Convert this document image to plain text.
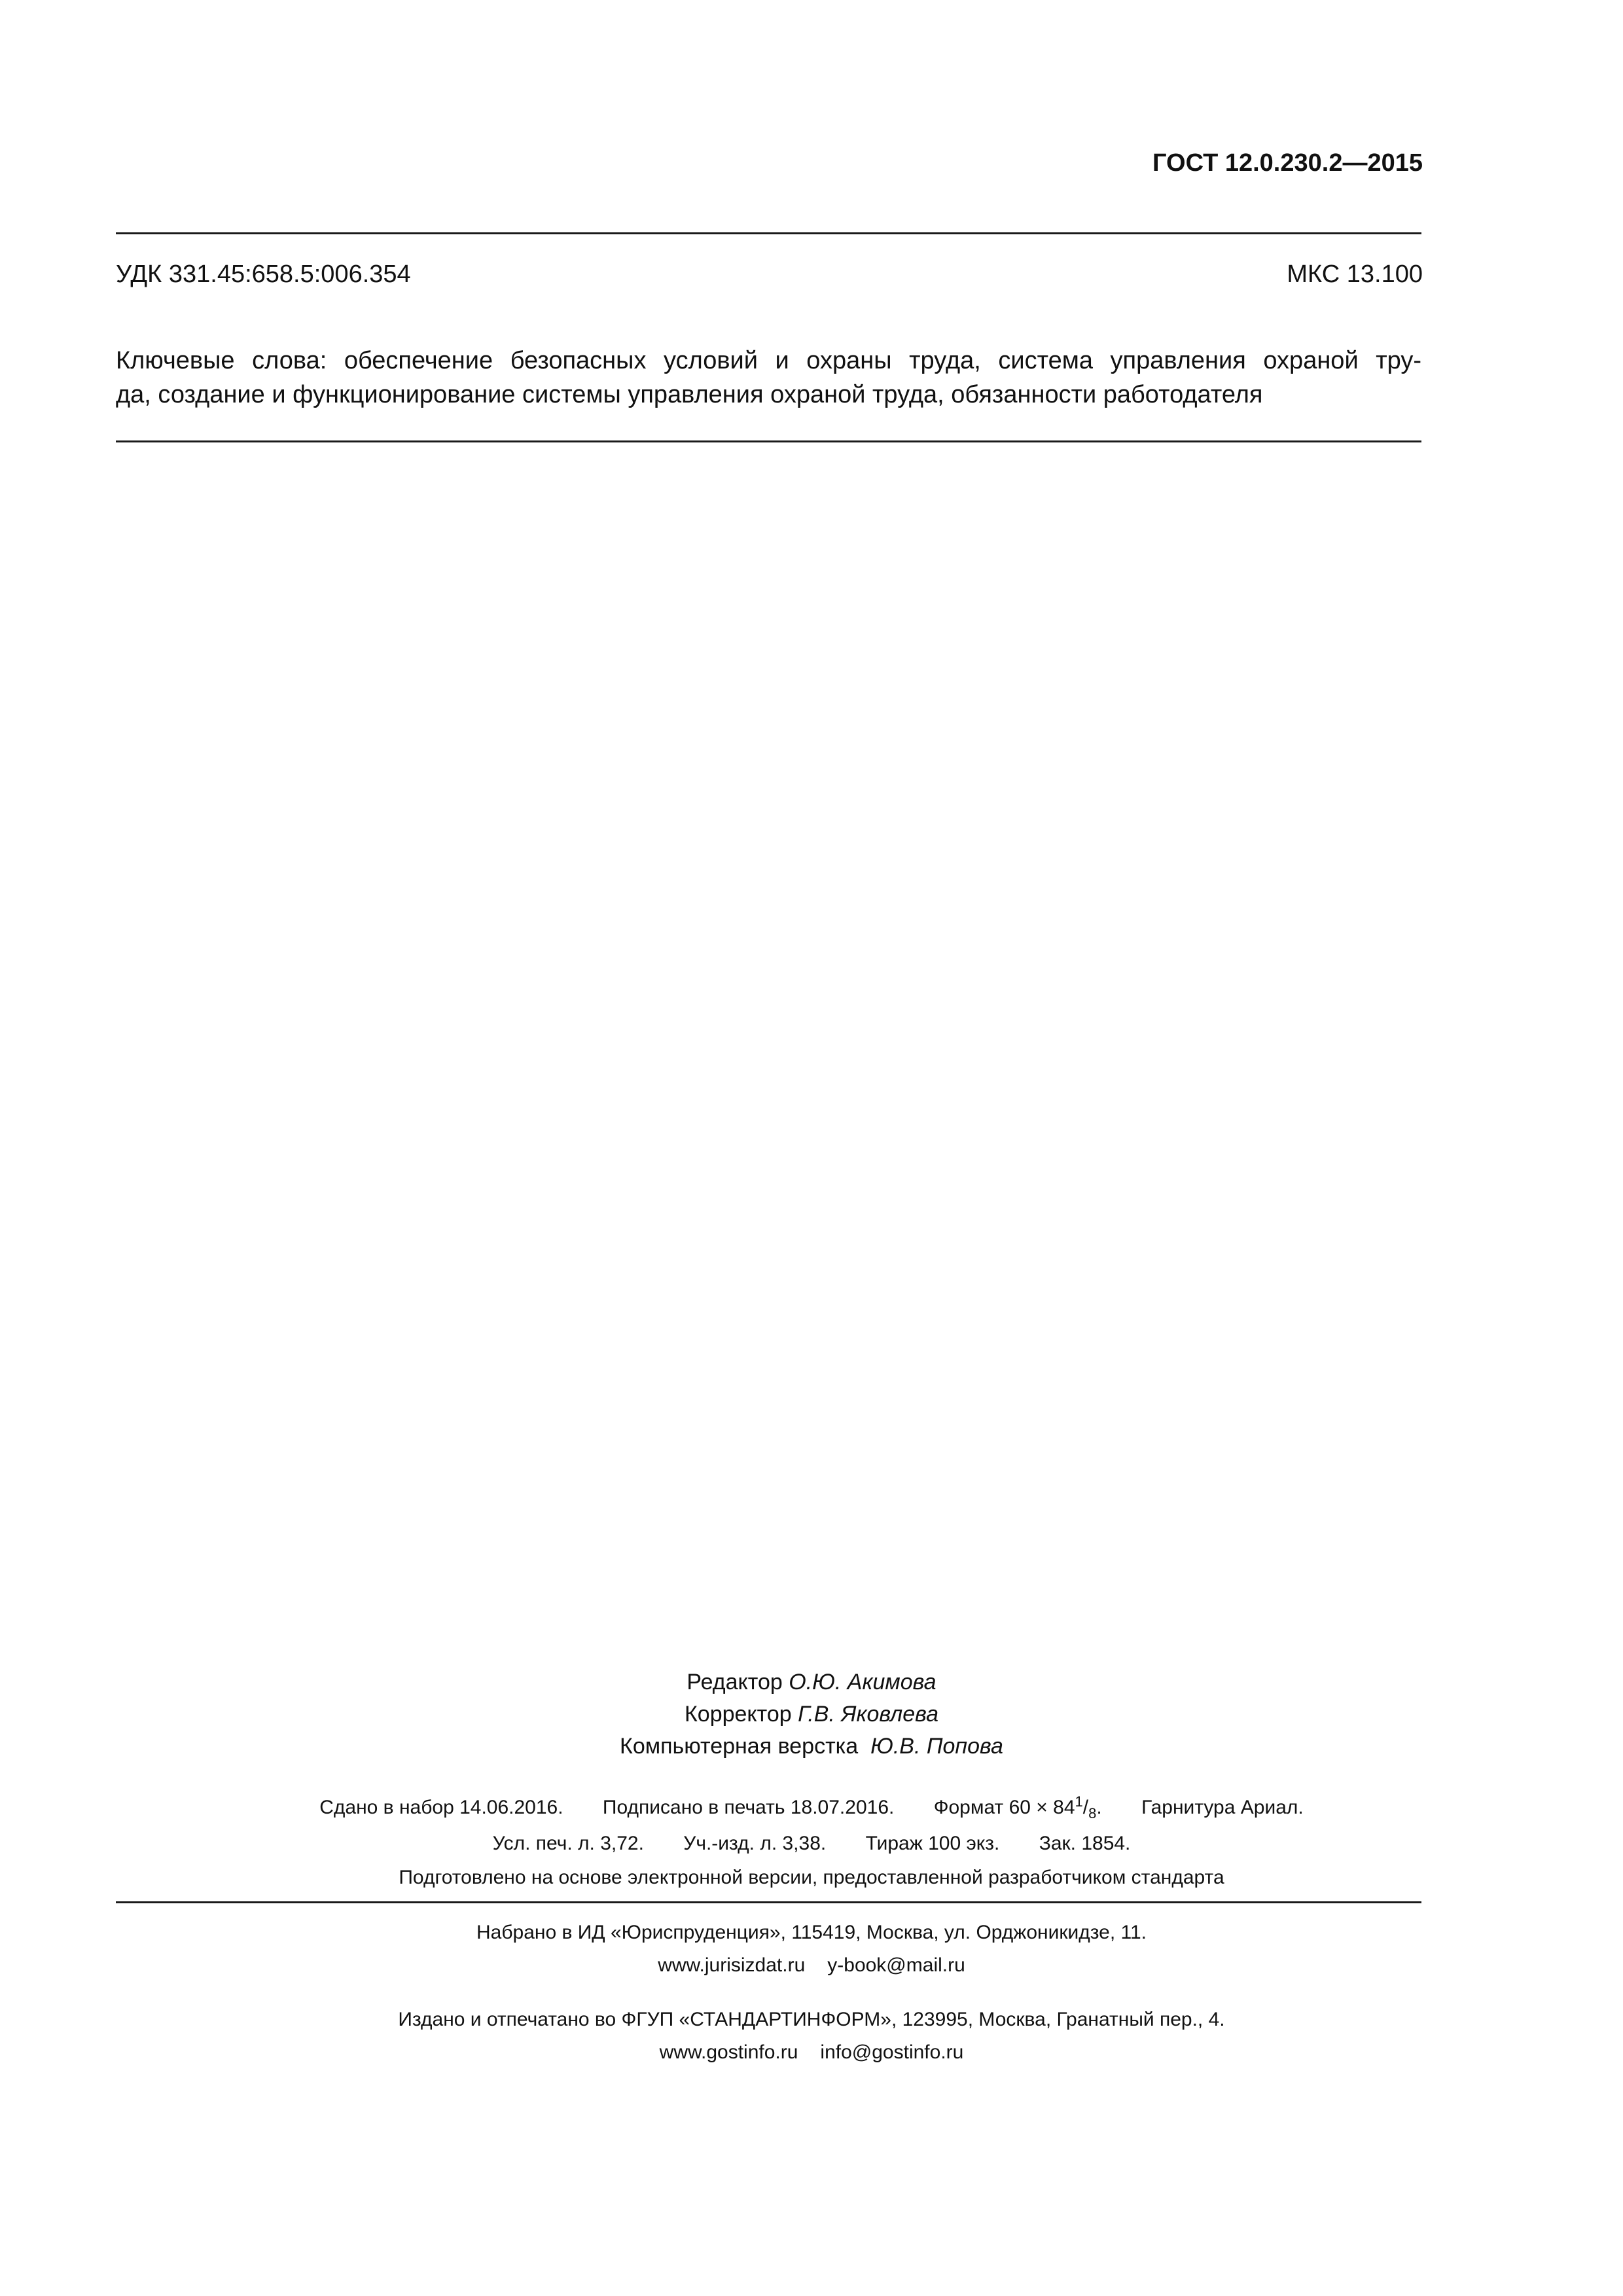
ГОСТ 12.0.230.2—2015
УДК 331.45:658.5:006.354	МКС 13.100
Ключевые слова: обеспечение безопасных условий и охраны труда, система управления охраной тру-
да, создание и функционирование системы управления охраной труда, обязанности работодателя
Редактор О.Ю. Акимова
Корректор Г.В. Яковлева
Компьютерная верстка Ю.В. Попова
Сдано в набор 14.06.2016. Подписано в печать 18.07.2016. Формат $60 \times 84^1/_8$. Гарнитура Ариал.
Усл. печ. л. 3,72. Уч.-изд. л. 3,38. Тираж 100 экз. Зак. 1854.
Подготовлено на основе электронной версии, предоставленной разработчиком стандарта
Набрано в ИД «Юриспруденция», 115419, Москва, ул. Орджоникидзе, 11.
www.jurisizdat.ru y-book@mail.ru
Издано и отпечатано во ФГУП «СТАНДАРТИНФОРМ», 123995, Москва, Гранатный пер., 4.
www.gostinfo.ru info@gostinfo.ru
